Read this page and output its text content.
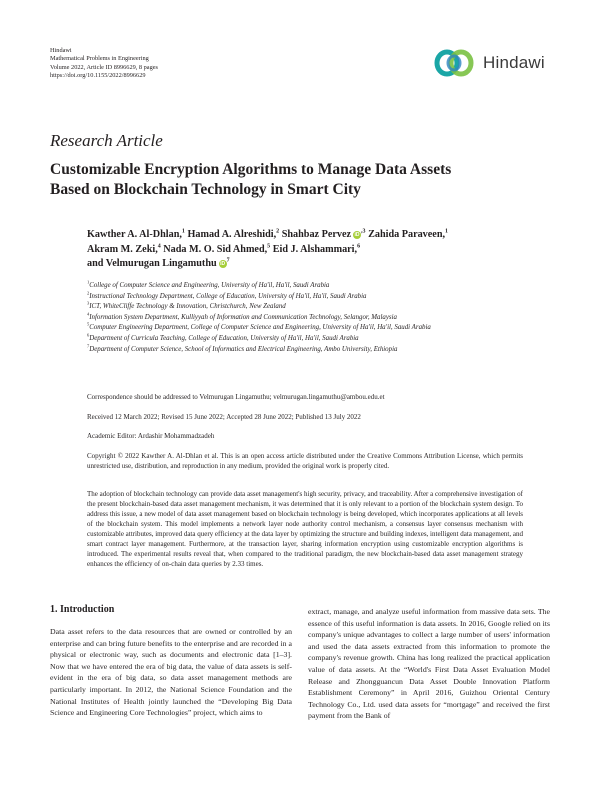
Hindawi
Mathematical Problems in Engineering
Volume 2022, Article ID 8996629, 8 pages
https://doi.org/10.1155/2022/8996629
Hindawi
Research Article
Customizable Encryption Algorithms to Manage Data Assets
Based on Blockchain Technology in Smart City
Kawther A. Al-Dhlan,$^1$ Hamad A. Alreshidi,$^2$ Shahbaz Pervez $iD^{,3}$ Zahida Paraveen,$^1$
Akram M. Zeki,$^4$ Nada M. O. Sid Ahmed,$^5$ Eid J. Alshammari,$^6$
and Velmurugan Lingamuthu $iD^7$
$^1$College of Computer Science and Engineering, University of Ha'il, Ha'il, Saudi Arabia
$^2$Instructional Technology Department, College of Education, University of Ha'il, Ha'il, Saudi Arabia
$^3$ICT, WhiteCliffe Technology & Innovation, Christchurch, New Zealand
$^4$Information System Department, Kulliyyah of Information and Communication Technology, Selangor, Malaysia
$^5$Computer Engineering Department, College of Computer Science and Engineering, University of Ha'il, Ha'il, Saudi Arabia
$^6$Department of Curricula Teaching, College of Education, University of Ha'il, Ha'il, Saudi Arabia
$^7$Department of Computer Science, School of Informatics and Electrical Engineering, Ambo University, Ethiopia
Correspondence should be addressed to Velmurugan Lingamuthu; velmurugan.lingamuthu@ambou.edu.et
Received 12 March 2022; Revised 15 June 2022; Accepted 28 June 2022; Published 13 July 2022
Academic Editor: Ardashir Mohammadzadeh
Copyright © 2022 Kawther A. Al-Dhlan et al. This is an open access article distributed under the Creative Commons Attribution License, which permits unrestricted use, distribution, and reproduction in any medium, provided the original work is properly cited.
The adoption of blockchain technology can provide data asset management's high security, privacy, and traceability. After a comprehensive investigation of the present blockchain-based data asset management mechanism, it was determined that it is only relevant to a portion of the blockchain system design. To address this issue, a new model of data asset management based on blockchain technology is being developed, which incorporates applications at all levels of the blockchain system. This model implements a network layer node authority control mechanism, a consensus layer consensus mechanism with customizable attributes, improved data query efficiency at the data layer by optimizing the structure and building indexes, intelligent data management, and smart contract layer management. Furthermore, at the transaction layer, sharing information encryption using customizable encryption algorithms is introduced. The experimental results reveal that, when compared to the traditional paradigm, the new blockchain-based data asset management strategy enhances the efficiency of on-chain data queries by 2.33 times.
1. Introduction
Data asset refers to the data resources that are owned or controlled by an enterprise and can bring future benefits to the enterprise and are recorded in a physical or electronic way, such as documents and electronic data [1–3]. Now that we have entered the era of big data, the value of data assets is self-evident in the era of big data, so data asset management methods are particularly important. In 2012, the National Science Foundation and the National Institutes of Health jointly launched the “Developing Big Data Science and Engineering Core Technologies” project, which aims to
extract, manage, and analyze useful information from massive data sets. The essence of this useful information is data assets. In 2016, Google relied on its company's unique advantages to collect a large number of users' information and used the data assets extracted from this information to promote the company's revenue growth. China has long realized the practical application value of data assets. At the “World's First Data Asset Evaluation Model Release and Zhongguancun Data Asset Double Innovation Platform Establishment Ceremony” in April 2016, Guizhou Oriental Century Technology Co., Ltd. used data assets for “mortgage” and received the first payment from the Bank of
